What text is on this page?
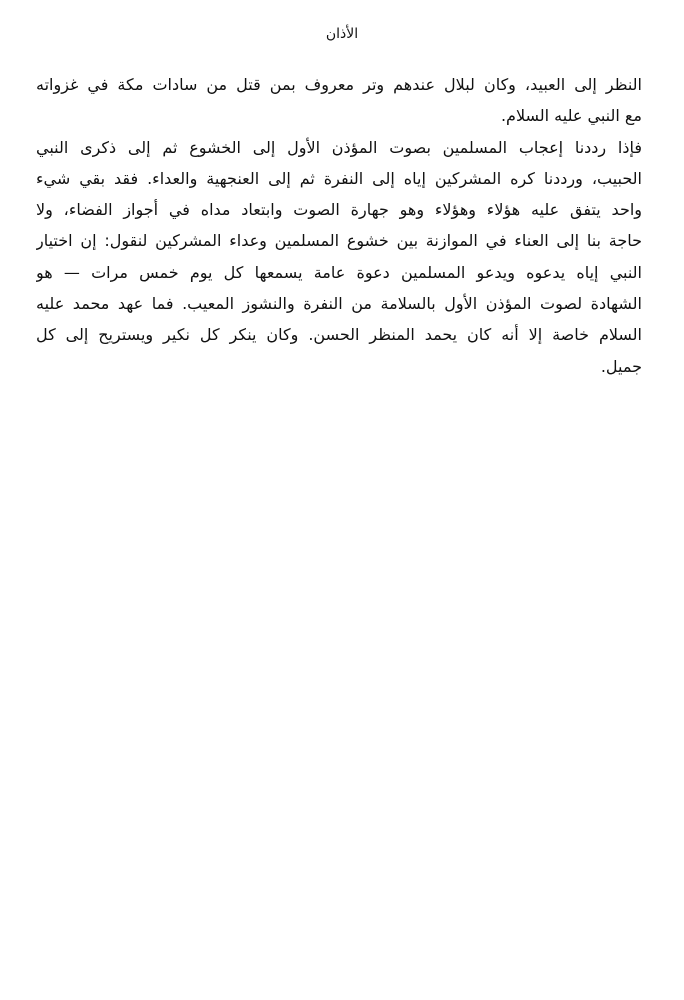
الأذان
النظر إلى العبيد، وكان لبلال عندهم وتر معروف بمن قتل من سادات مكة في غزواته
مع النبي عليه السلام.
فإذا رددنا إعجاب المسلمين بصوت المؤذن الأول إلى الخشوع ثم إلى ذكرى النبي
الحبيب، ورددنا كره المشركين إياه إلى النفرة ثم إلى العنجهية والعداء. فقد بقي شيء
واحد يتفق عليه هؤلاء وهؤلاء وهو جهارة الصوت وابتعاد مداه في أجواز الفضاء، ولا
حاجة بنا إلى العناء في الموازنة بين خشوع المسلمين وعداء المشركين لنقول: إن اختيار
النبي إياه يدعوه ويدعو المسلمين دعوة عامة يسمعها كل يوم خمس مرات — هو
الشهادة لصوت المؤذن الأول بالسلامة من النفرة والنشوز المعيب. فما عهد محمد عليه
السلام خاصة إلا أنه كان يحمد المنظر الحسن. وكان ينكر كل نكير ويستريح إلى كل
جميل.
